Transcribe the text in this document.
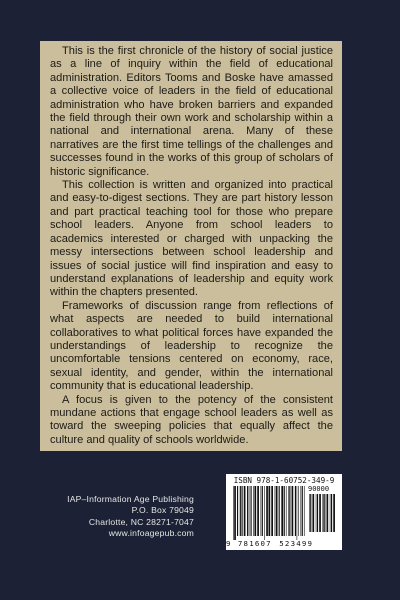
This is the first chronicle of the history of social justice as a line of inquiry within the field of educational administration. Editors Tooms and Boske have amassed a collective voice of leaders in the field of educational administration who have broken barriers and expanded the field through their own work and scholarship within a national and international arena. Many of these narratives are the first time tellings of the challenges and successes found in the works of this group of scholars of historic significance.

This collection is written and organized into practical and easy-to-digest sections. They are part history lesson and part practical teaching tool for those who prepare school leaders. Anyone from school leaders to academics interested or charged with unpacking the messy intersections between school leadership and issues of social justice will find inspiration and easy to understand explanations of leadership and equity work within the chapters presented.

Frameworks of discussion range from reflections of what aspects are needed to build international collaboratives to what political forces have expanded the understandings of leadership to recognize the uncomfortable tensions centered on economy, race, sexual identity, and gender, within the international community that is educational leadership.

A focus is given to the potency of the consistent mundane actions that engage school leaders as well as toward the sweeping policies that equally affect the culture and quality of schools worldwide.

IAP–Information Age Publishing
P.O. Box 79049
Charlotte, NC 28271-7047
www.infoagepub.com
ISBN 978-1-60752-349-9
90000
9 781607 523499
